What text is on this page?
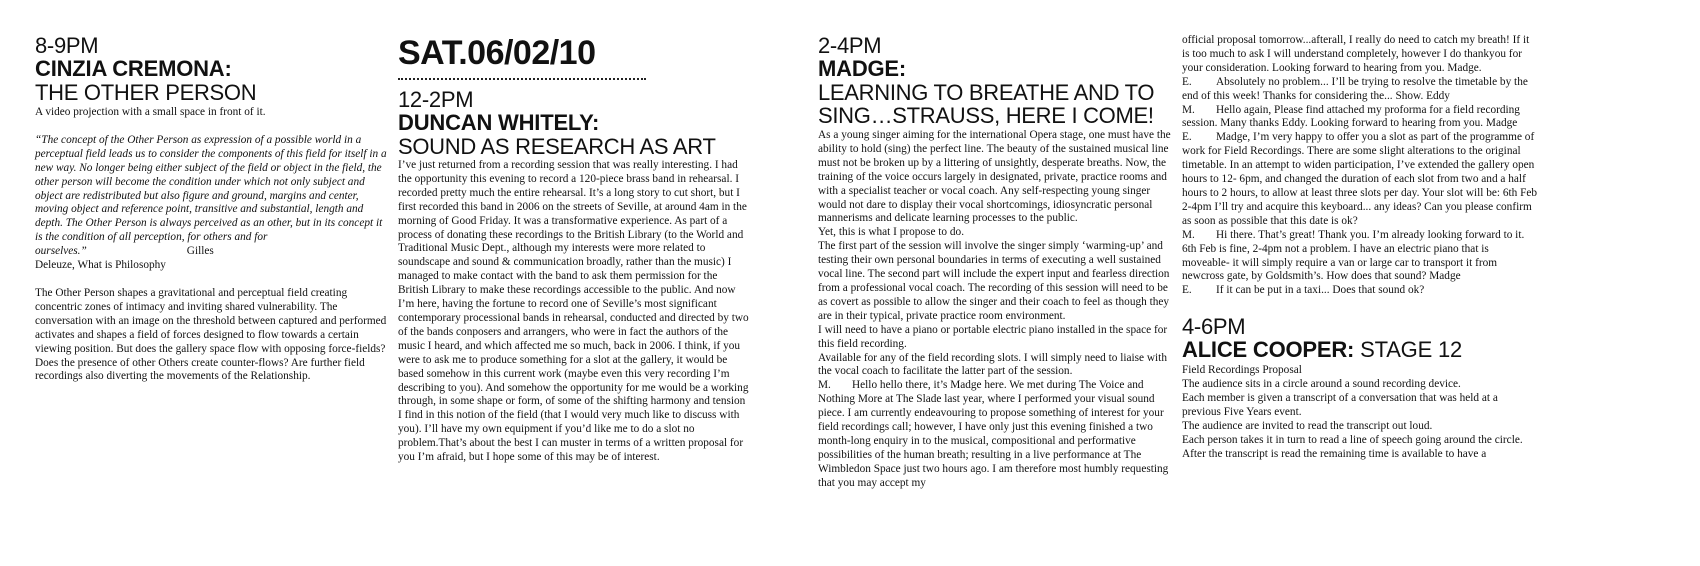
8-9PM
CINZIA CREMONA:
THE OTHER PERSON

A video projection with a small space in front of it.

“The concept of the Other Person as expression of a possible world in a perceptual field leads us to consider the components of this field for itself in a new way. No longer being either subject of the field or object in the field, the other person will become the condition under which not only subject and object are redistributed but also figure and ground, margins and center, moving object and reference point, transitive and substantial, length and depth. The Other Person is always perceived as an other, but in its concept it is the condition of all perception, for others and for ourselves.”	Gilles

Deleuze, What is Philosophy

The Other Person shapes a gravitational and perceptual field creating concentric zones of intimacy and inviting shared vulnerability. The conversation with an image on the threshold between captured and performed activates and shapes a field of forces designed to flow towards a certain viewing position. But does the gallery space flow with opposing force-fields? Does the presence of other Others create counter-flows? Are further field recordings also diverting the movements of the Relationship.

SAT.06/02/10
12-2PM
DUNCAN WHITELY:
SOUND AS RESEARCH AS ART

I’ve just returned from a recording session that was really interesting. I had the opportunity this evening to record a 120-piece brass band in rehearsal. I recorded pretty much the entire rehearsal. It’s a long story to cut short, but I first recorded this band in 2006 on the streets of Seville, at around 4am in the morning of Good Friday. It was a transformative experience. As part of a process of donating these recordings to the British Library (to the World and Traditional Music Dept., although my interests were more related to soundscape and sound & communication broadly, rather than the music) I managed to make contact with the band to ask them permission for the British Library to make these recordings accessible to the public. And now I’m here, having the fortune to record one of Seville’s most significant contemporary processional bands in rehearsal, conducted and directed by two of the bands conposers and arrangers, who were in fact the authors of the music I heard, and which affected me so much, back in 2006. I think, if you were to ask me to produce something for a slot at the gallery, it would be based somehow in this current work (maybe even this very recording I’m describing to you). And somehow the opportunity for me would be a working through, in some shape or form, of some of the shifting harmony and tension I find in this notion of the field (that I would very much like to discuss with you). I’ll have my own equipment if you’d like me to do a slot no problem.That’s about the best I can muster in terms of a written proposal for you I’m afraid, but I hope some of this may be of interest.

2-4PM
MADGE:
LEARNING TO BREATHE AND TO SING…STRAUSS, HERE I COME!

As a young singer aiming for the international Opera stage, one must have the ability to hold (sing) the perfect line. The beauty of the sustained musical line must not be broken up by a littering of unsightly, desperate breaths. Now, the training of the voice occurs largely in designated, private, practice rooms and with a specialist teacher or vocal coach. Any self-respecting young singer would not dare to display their vocal shortcomings, idiosyncratic personal mannerisms and delicate learning processes to the public.

Yet, this is what I propose to do.

The first part of the session will involve the singer simply ‘warming-up’ and testing their own personal boundaries in terms of executing a well sustained vocal line. The second part will include the expert input and fearless direction from a professional vocal coach. The recording of this session will need to be as covert as possible to allow the singer and their coach to feel as though they are in their typical, private practice room environment.

I will need to have a piano or portable electric piano installed in the space for this field recording.

Available for any of the field recording slots. I will simply need to liaise with the vocal coach to facilitate the latter part of the session.

M. Hello hello there, it’s Madge here. We met during The Voice and Nothing More at The Slade last year, where I performed your visual sound piece. I am currently endeavouring to propose something of interest for your field recordings call; however, I have only just this evening finished a two month-long enquiry in to the musical, compositional and performative possibilities of the human breath; resulting in a live performance at The Wimbledon Space just two hours ago. I am therefore most humbly requesting that you may accept my

official proposal tomorrow...afterall, I really do need to catch my breath! If it is too much to ask I will understand completely, however I do thankyou for your consideration. Looking forward to hearing from you. Madge.

E. Absolutely no problem... I’ll be trying to resolve the timetable by the end of this week! Thanks for considering the... Show. Eddy

M. Hello again, Please find attached my proforma for a field recording session. Many thanks Eddy. Looking forward to hearing from you. Madge

E. Madge, I’m very happy to offer you a slot as part of the programme of work for Field Recordings. There are some slight alterations to the original timetable. In an attempt to widen participation, I’ve extended the gallery open hours to 12- 6pm, and changed the duration of each slot from two and a half hours to 2 hours, to allow at least three slots per day. Your slot will be: 6th Feb 2-4pm I’ll try and acquire this keyboard... any ideas? Can you please confirm as soon as possible that this date is ok?

M. Hi there. That’s great! Thank you. I’m already looking forward to it. 6th Feb is fine, 2-4pm not a problem. I have an electric piano that is moveable- it will simply require a van or large car to transport it from newcross gate, by Goldsmith’s. How does that sound? Madge

E. If it can be put in a taxi... Does that sound ok?

4-6PM
ALICE COOPER: STAGE 12

Field Recordings Proposal

The audience sits in a circle around a sound recording device.

Each member is given a transcript of a conversation that was held at a previous Five Years event.

The audience are invited to read the transcript out loud.

Each person takes it in turn to read a line of speech going around the circle.

After the transcript is read the remaining time is available to have a
